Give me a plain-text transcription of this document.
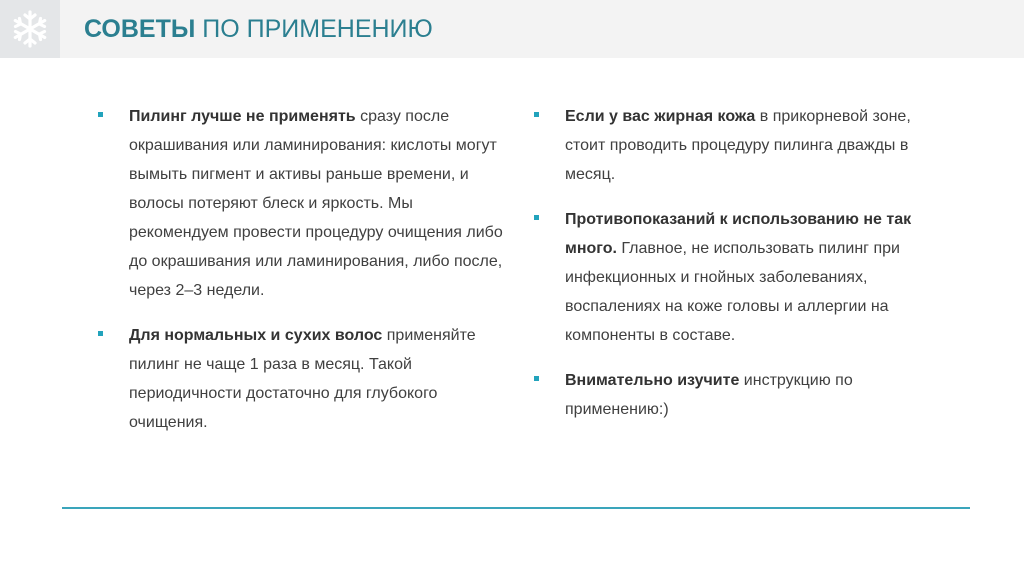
СОВЕТЫ ПО ПРИМЕНЕНИЮ
Пилинг лучше не применять сразу после окрашивания или ламинирования: кислоты могут вымыть пигмент и активы раньше времени, и волосы потеряют блеск и яркость. Мы рекомендуем провести процедуру очищения либо до окрашивания или ламинирования, либо после, через 2–3 недели.
Для нормальных и сухих волос применяйте пилинг не чаще 1 раза в месяц. Такой периодичности достаточно для глубокого очищения.
Если у вас жирная кожа в прикорневой зоне, стоит проводить процедуру пилинга дважды в месяц.
Противопоказаний к использованию не так много. Главное, не использовать пилинг при инфекционных и гнойных заболеваниях, воспалениях на коже головы и аллергии на компоненты в составе.
Внимательно изучите инструкцию по применению:)
